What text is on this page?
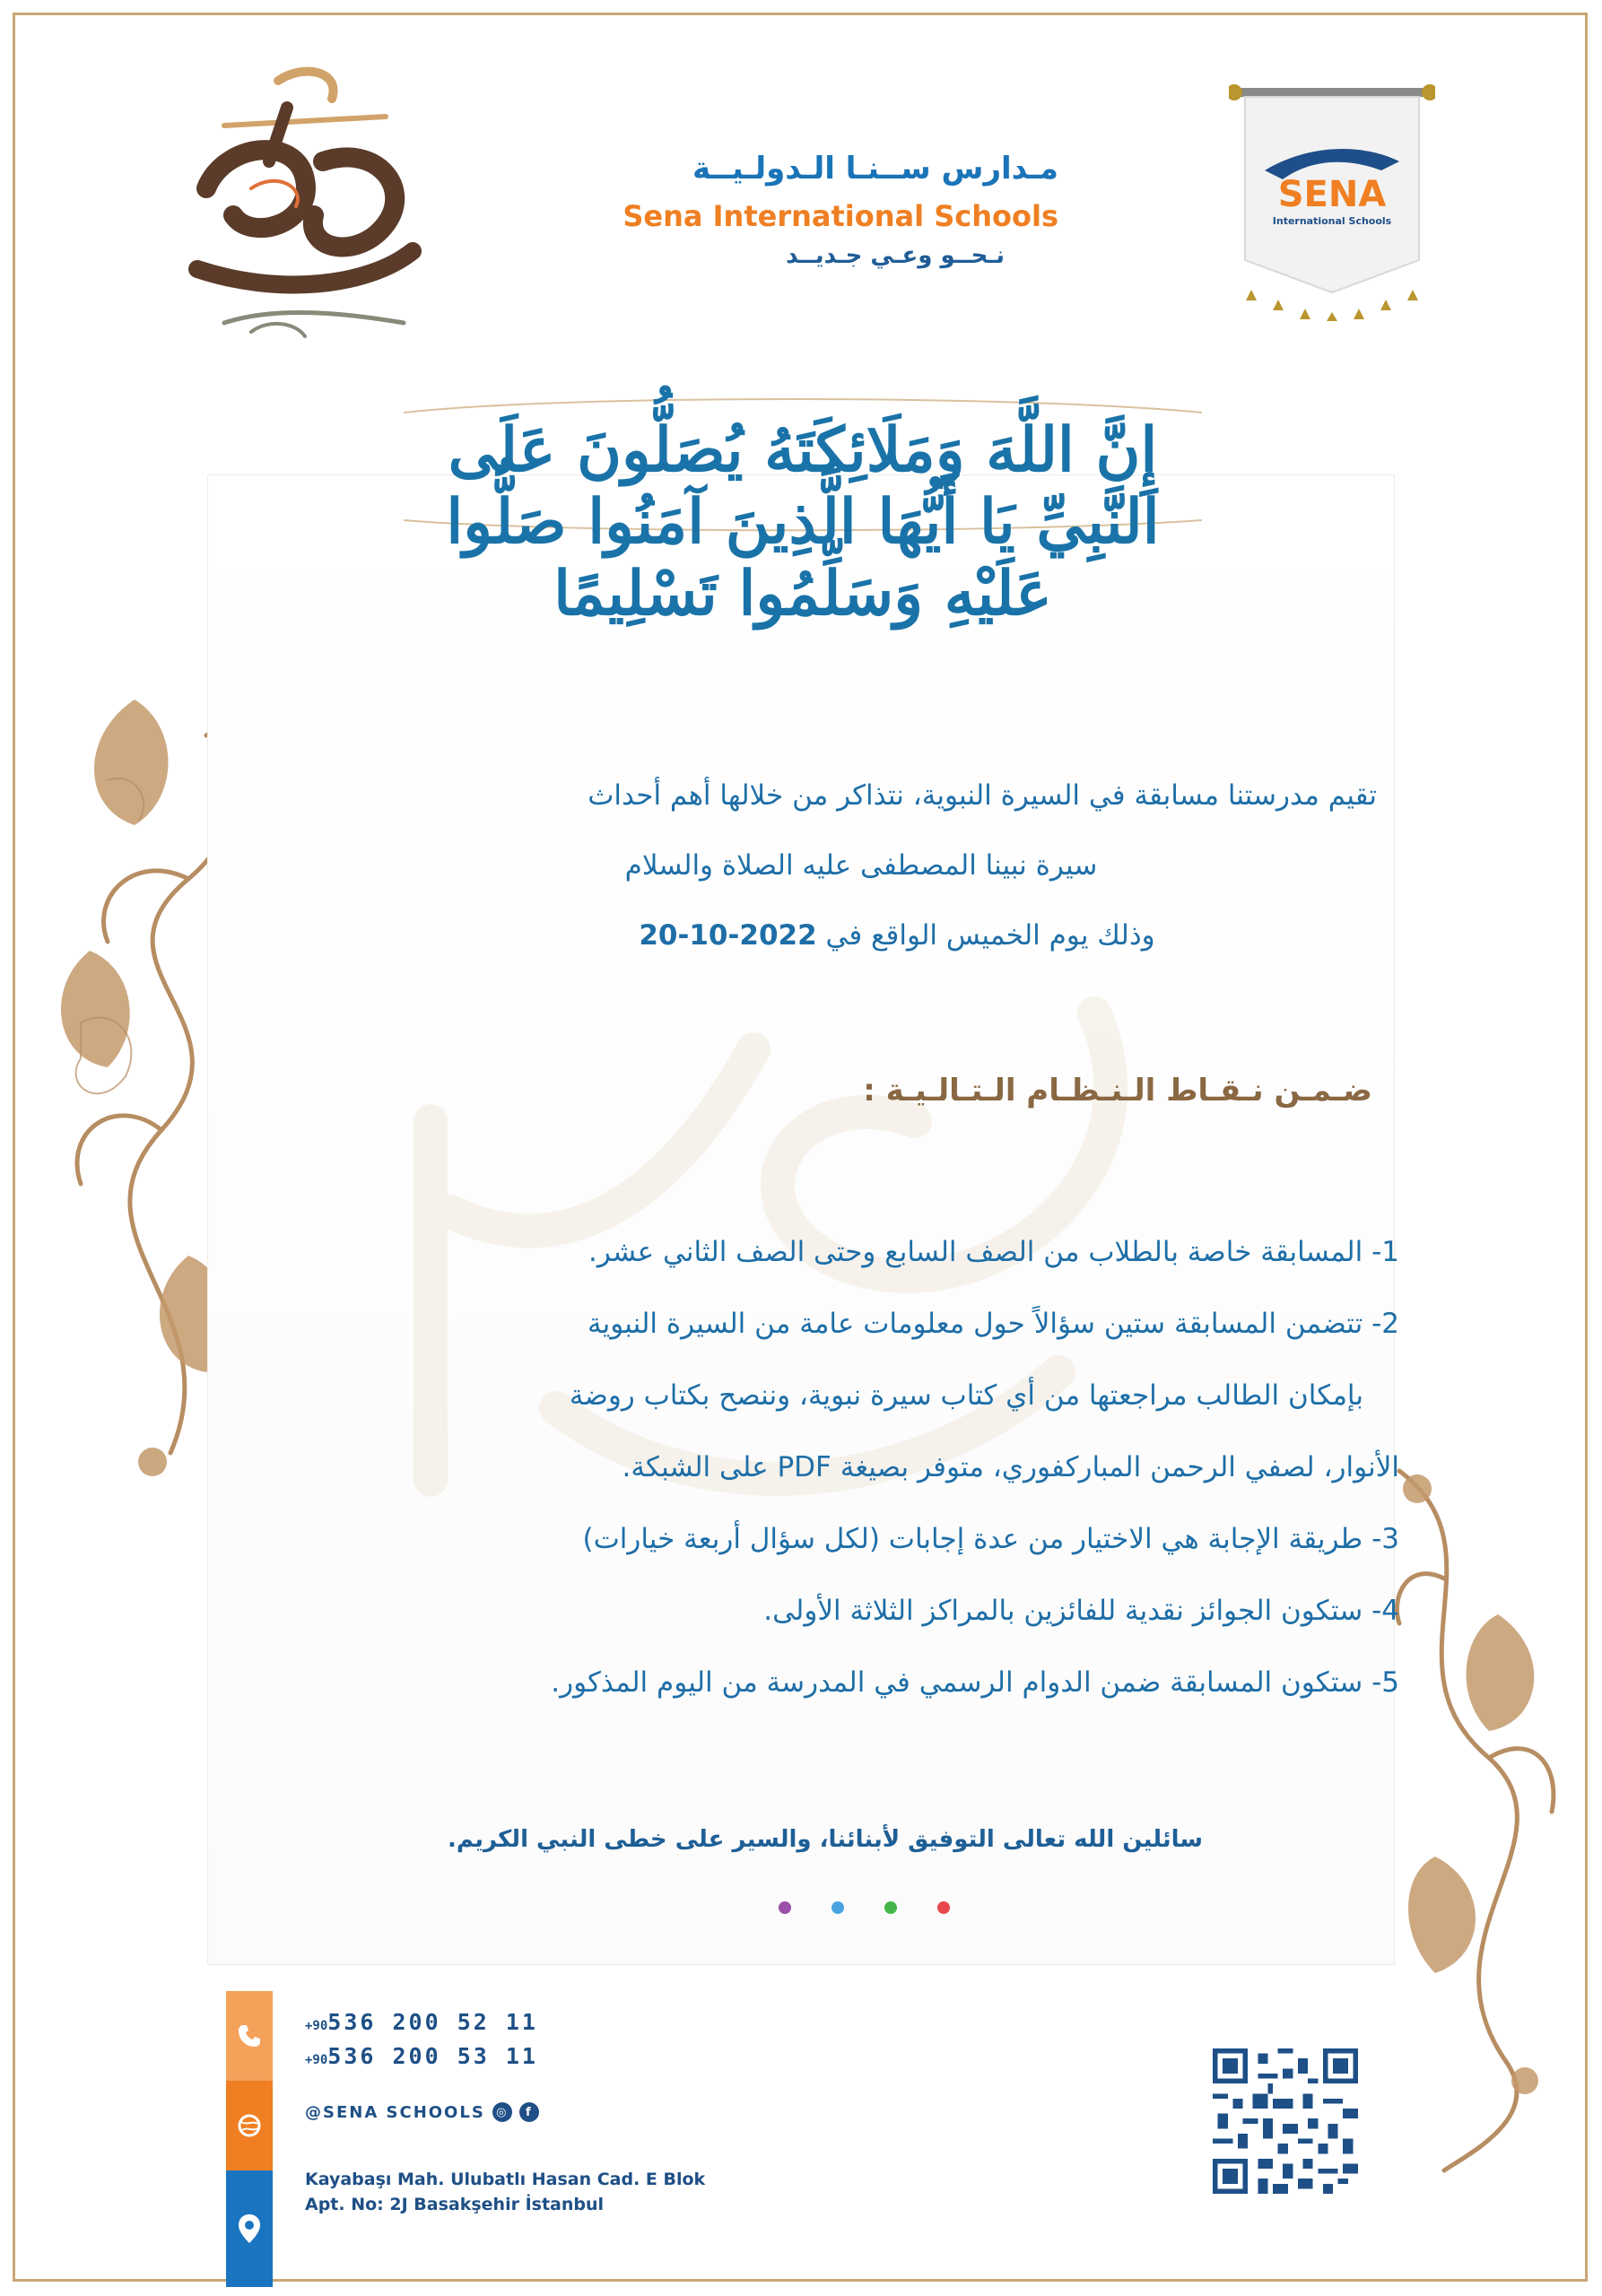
مـدارس ســنـا الـدولـيــة
Sena International Schools
نـحــو وعـي جـديــد
SENA
International Schools
إِنَّ اللَّهَ وَمَلَائِكَتَهُ يُصَلُّونَ عَلَى النَّبِيِّ يَا أَيُّهَا الَّذِينَ آمَنُوا صَلُّوا عَلَيْهِ وَسَلِّمُوا تَسْلِيمًا
تقيم مدرستنا مسابقة في السيرة النبوية، نتذاكر من خلالها أهم أحداث
سيرة نبينا المصطفى عليه الصلاة والسلام
وذلك يوم الخميس الواقع في 2022-10-20
ضـمـن نـقـاط الـنـظـام الـتـالـيـة :
1- المسابقة خاصة بالطلاب من الصف السابع وحتى الصف الثاني عشر.
2- تتضمن المسابقة ستين سؤالاً حول معلومات عامة من السيرة النبوية
بإمكان الطالب مراجعتها من أي كتاب سيرة نبوية، وننصح بكتاب روضة
الأنوار، لصفي الرحمن المباركفوري، متوفر بصيغة PDF على الشبكة.
3- طريقة الإجابة هي الاختيار من عدة إجابات (لكل سؤال أربعة خيارات)
4- ستكون الجوائز نقدية للفائزين بالمراكز الثلاثة الأولى.
5- ستكون المسابقة ضمن الدوام الرسمي في المدرسة من اليوم المذكور.
سائلين الله تعالى التوفيق لأبنائنا، والسير على خطى النبي الكريم.
+90536 200 52 11
+90536 200 53 11
@SENA SCHOOLS ◎	f
Kayabaşı Mah. Ulubatlı Hasan Cad. E Blok
Apt. No: 2J Basakşehir İstanbul
